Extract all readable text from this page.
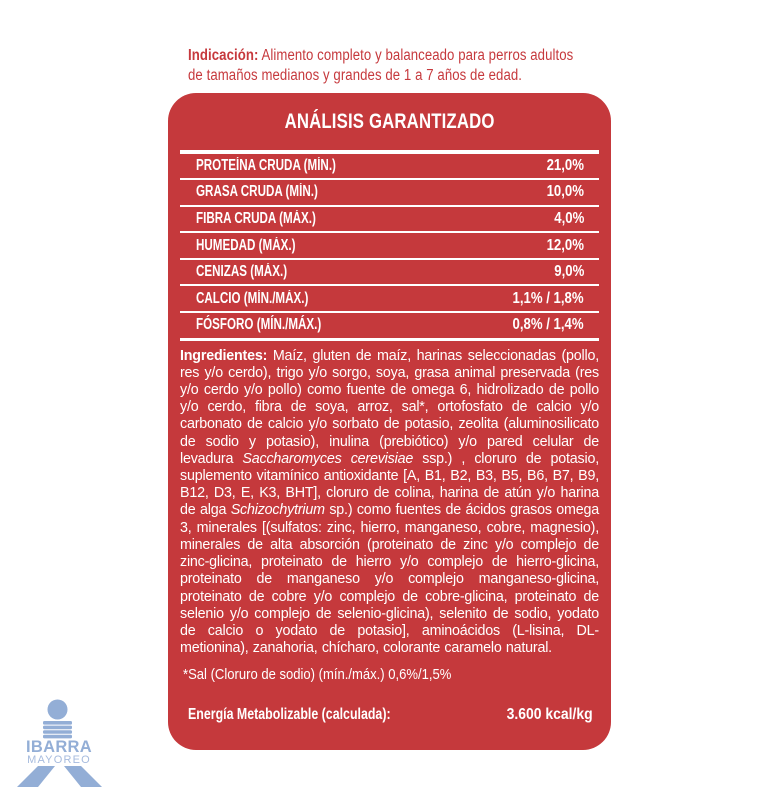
Indicación: Alimento completo y balanceado para perros adultos de tamaños medianos y grandes de 1 a 7 años de edad.

ANÁLISIS GARANTIZADO
PROTEÍNA CRUDA (MÍN.)	21,0%
GRASA CRUDA (MÍN.)	10,0%
FIBRA CRUDA (MÁX.)	4,0%
HUMEDAD (MÁX.)	12,0%
CENIZAS (MÁX.)	9,0%
CALCIO (MÍN./MÁX.)	1,1% / 1,8%
FÓSFORO (MÍN./MÁX.)	0,8% / 1,4%

Ingredientes: Maíz, gluten de maíz, harinas seleccionadas (pollo, res y/o cerdo), trigo y/o sorgo, soya, grasa animal preservada (res y/o cerdo y/o pollo) como fuente de omega 6, hidrolizado de pollo y/o cerdo, fibra de soya, arroz, sal*, ortofosfato de calcio y/o carbonato de calcio y/o sorbato de potasio, zeolita (aluminosilicato de sodio y potasio), inulina (prebiótico) y/o pared celular de levadura Saccharomyces cerevisiae ssp.) , cloruro de potasio, suplemento vitamínico antioxidante [A, B1, B2, B3, B5, B6, B7, B9, B12, D3, E, K3, BHT], cloruro de colina, harina de atún y/o harina de alga Schizochytrium sp.) como fuentes de ácidos grasos omega 3, minerales [(sulfatos: zinc, hierro, manganeso, cobre, magnesio), minerales de alta absorción (proteinato de zinc y/o complejo de zinc-glicina, proteinato de hierro y/o complejo de hierro-glicina, proteinato de manganeso y/o complejo manganeso-glicina, proteinato de cobre y/o complejo de cobre-glicina, proteinato de selenio y/o complejo de selenio-glicina), selenito de sodio, yodato de calcio o yodato de potasio], aminoácidos (L-lisina, DL-metionina), zanahoria, chícharo, colorante caramelo natural.

*Sal (Cloruro de sodio) (mín./máx.) 0,6%/1,5%

Energía Metabolizable (calculada):	3.600 kcal/kg
IBARRA
MAYOREO
